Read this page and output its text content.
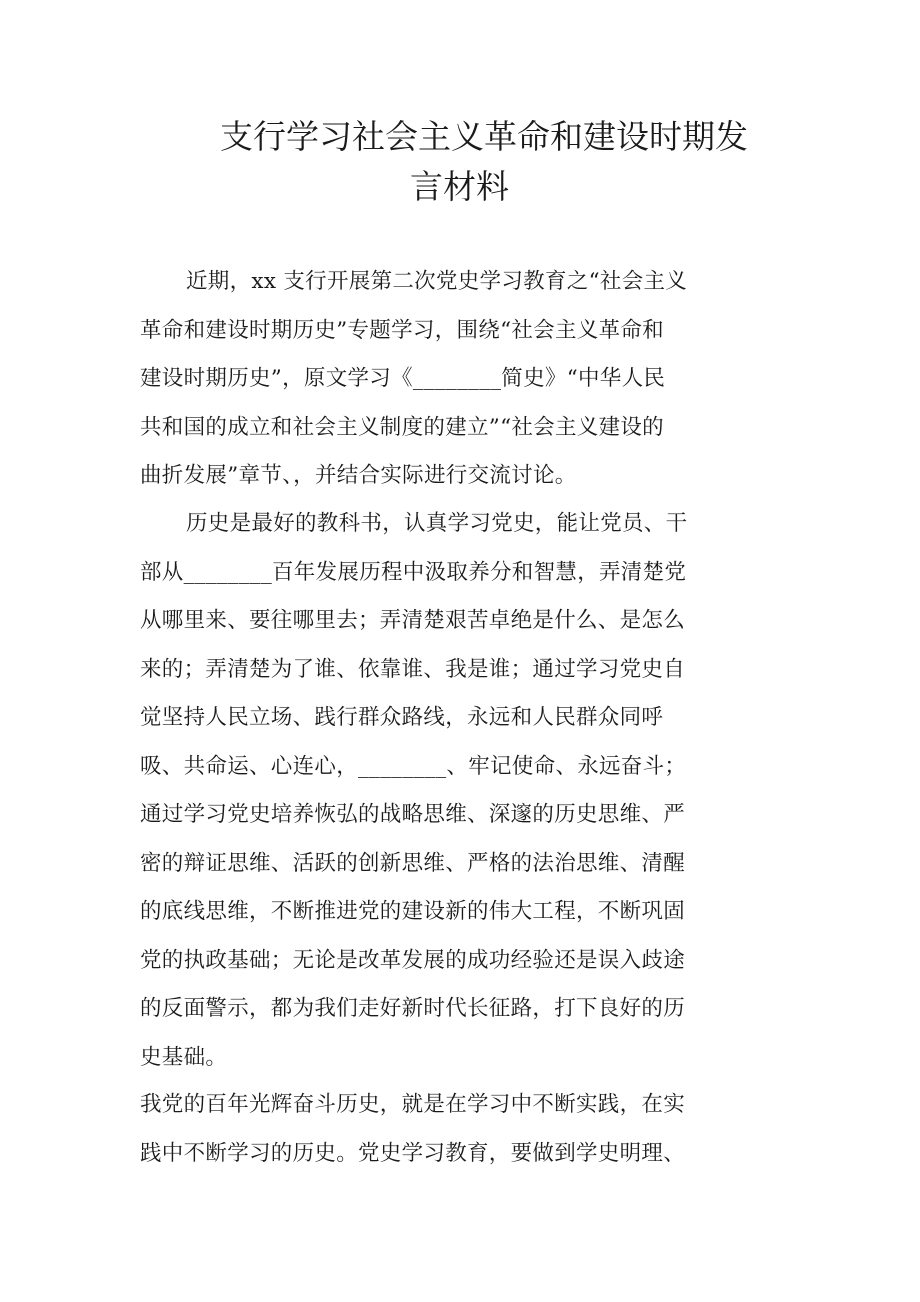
支行学习社会主义革命和建设时期发
言材料
近期，xx 支行开展第二次党史学习教育之“社会主义
革命和建设时期历史”专题学习，围绕“社会主义革命和
建设时期历史”，原文学习《________简史》“中华人民
共和国的成立和社会主义制度的建立”“社会主义建设的
曲折发展”章节、，并结合实际进行交流讨论。
历史是最好的教科书，认真学习党史，能让党员、干
部从________百年发展历程中汲取养分和智慧，弄清楚党
从哪里来、要往哪里去；弄清楚艰苦卓绝是什么、是怎么
来的；弄清楚为了谁、依靠谁、我是谁；通过学习党史自
觉坚持人民立场、践行群众路线，永远和人民群众同呼
吸、共命运、心连心，________、牢记使命、永远奋斗；
通过学习党史培养恢弘的战略思维、深邃的历史思维、严
密的辩证思维、活跃的创新思维、严格的法治思维、清醒
的底线思维，不断推进党的建设新的伟大工程，不断巩固
党的执政基础；无论是改革发展的成功经验还是误入歧途
的反面警示，都为我们走好新时代长征路，打下良好的历
史基础。
我党的百年光辉奋斗历史，就是在学习中不断实践，在实
践中不断学习的历史。党史学习教育，要做到学史明理、
